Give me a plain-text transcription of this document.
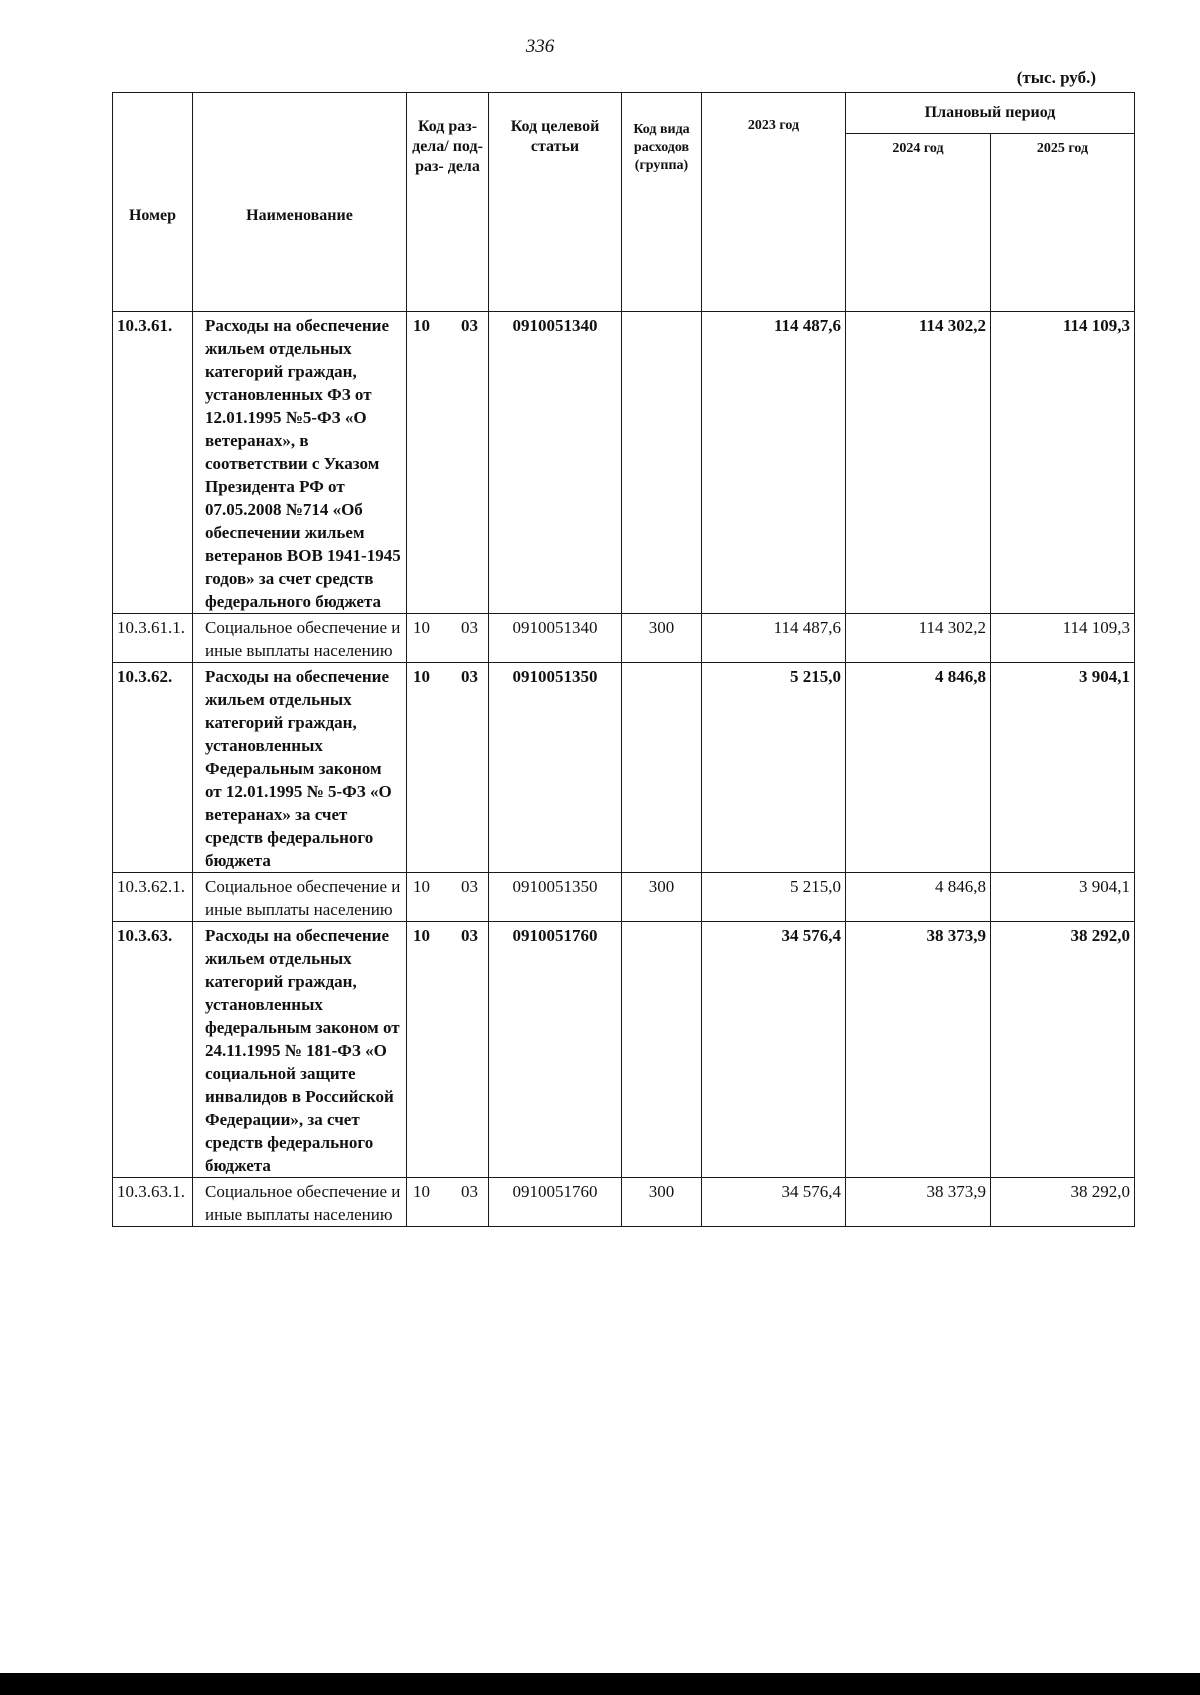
336
(тыс. руб.)
Номер	Наименование	Код раз- дела/ под- раз- дела	Код целевой статьи	Код вида расходов (группа)	2023 год	Плановый период	
						2024 год	2025 год
10.3.61.	Расходы на обеспечение жильем отдельных категорий граждан, установленных ФЗ от 12.01.1995 №5-ФЗ «О ветеранах», в соответствии с Указом Президента РФ от 07.05.2008 №714 «Об обеспечении жильем ветеранов ВОВ 1941-1945 годов» за счет средств федерального бюджета	10 03	0910051340		114 487,6	114 302,2	114 109,3
10.3.61.1.	Социальное обеспечение и иные выплаты населению	10 03	0910051340	300	114 487,6	114 302,2	114 109,3
10.3.62.	Расходы на обеспечение жильем отдельных категорий граждан, установленных Федеральным законом от 12.01.1995 № 5-ФЗ «О ветеранах» за счет средств федерального бюджета	10 03	0910051350		5 215,0	4 846,8	3 904,1
10.3.62.1.	Социальное обеспечение и иные выплаты населению	10 03	0910051350	300	5 215,0	4 846,8	3 904,1
10.3.63.	Расходы на обеспечение жильем отдельных категорий граждан, установленных федеральным законом от 24.11.1995 № 181-ФЗ «О социальной защите инвалидов в Российской Федерации», за счет средств федерального бюджета	10 03	0910051760		34 576,4	38 373,9	38 292,0
10.3.63.1.	Социальное обеспечение и иные выплаты населению	10 03	0910051760	300	34 576,4	38 373,9	38 292,0
